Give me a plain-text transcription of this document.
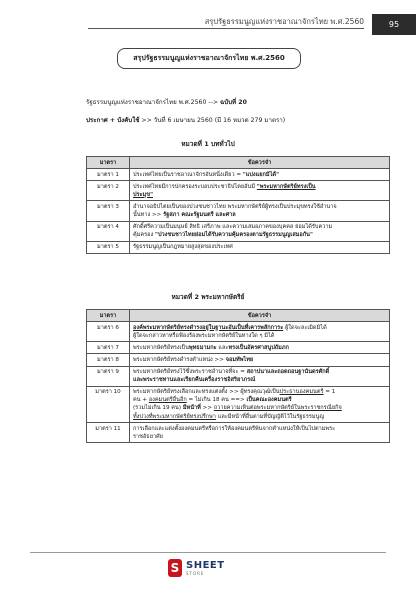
สรุปรัฐธรรมนูญแห่งราชอาณาจักรไทย พ.ศ.2560	95
สรุปรัฐธรรมนูญแห่งราชอาณาจักรไทย พ.ศ.2560
รัฐธรรมนูญแห่งราชอาณาจักรไทย พ.ศ.2560 --> ฉบับที่ 20
ประกาศ + บังคับใช้ >> วันที่ 6 เมษายน 2560 (มี 16 หมวด 279 มาตรา)
หมวดที่ 1 บททั่วไป
มาตรา	ข้อควรจำ
มาตรา 1	ประเทศไทยเป็นราชอาณาจักรอันหนึ่งเดียว = "แบ่งแยกมิได้"
มาตรา 2	ประเทศไทยมีการปกครองระบอบประชาธิปไตยอันมี "พระมหากษัตริย์ทรงเป็น
ประมุข"
มาตรา 3	อำนาจอธิปไตยเป็นของปวงชนชาวไทย พระมหากษัตริย์ผู้ทรงเป็นประมุขทรงใช้อำนาจ
นั้นทาง >> รัฐสภา คณะรัฐมนตรี และศาล
มาตรา 4	ศักดิ์ศรีความเป็นมนุษย์ สิทธิ เสรีภาพ และความเสมอภาคของบุคคล ย่อมได้รับความ
คุ้มครอง "ปวงชนชาวไทยย่อมได้รับความคุ้มครองตามรัฐธรรมนูญเสมอกัน"
มาตรา 5	รัฐธรรมนูญเป็นกฎหมายสูงสุดของประเทศ
หมวดที่ 2 พระมหากษัตริย์
มาตรา	ข้อควรจำ
มาตรา 6	องค์พระมหากษัตริย์ทรงดำรงอยู่ในฐานะอันเป็นที่เคารพสักการะ ผู้ใดจะละเมิดมิได้
ผู้ใดจะกล่าวหาหรือฟ้องร้องพระมหากษัตริย์ในทางใด ๆ มิได้
มาตรา 7	พระมหากษัตริย์ทรงเป็นพุทธมามกะ และทรงเป็นอัครศาสนูปถัมภก
มาตรา 8	พระมหากษัตริย์ทรงดำรงตำแหน่ง >> จอมทัพไทย
มาตรา 9	พระมหากษัตริย์ทรงไว้ซึ่งพระราชอำนาจที่จะ = สถาปนาและถอดถอนฐานันดรศักดิ์
และพระราชทานและเรียกคืนเครื่องราชอิสริยาภรณ์
มาตรา 10	พระมหากษัตริย์ทรงเลือกและทรงแต่งตั้ง >> ผู้ทรงคุณวุฒิเป็นประธานองคมนตรี = 1
คน + องคมนตรีอื่นอีก = ไม่เกิน 18 คน ==> เป็นคณะองคมนตรี
(รวมไม่เกิน 19 คน) มีหน้าที่ >> ถวายความเห็นต่อพระมหากษัตริย์ในพระราชกรณียกิจ
ทั้งปวงที่พระมหากษัตริย์ทรงปรึกษา และมีหน้าที่อื่นตามที่บัญญัติไว้ในรัฐธรรมนูญ
มาตรา 11	การเลือกและแต่งตั้งองคมนตรีหรือการให้องคมนตรีพ้นจากตำแหน่งให้เป็นไปตามพระ
ราชอัธยาศัย
S SHEET
STORE
